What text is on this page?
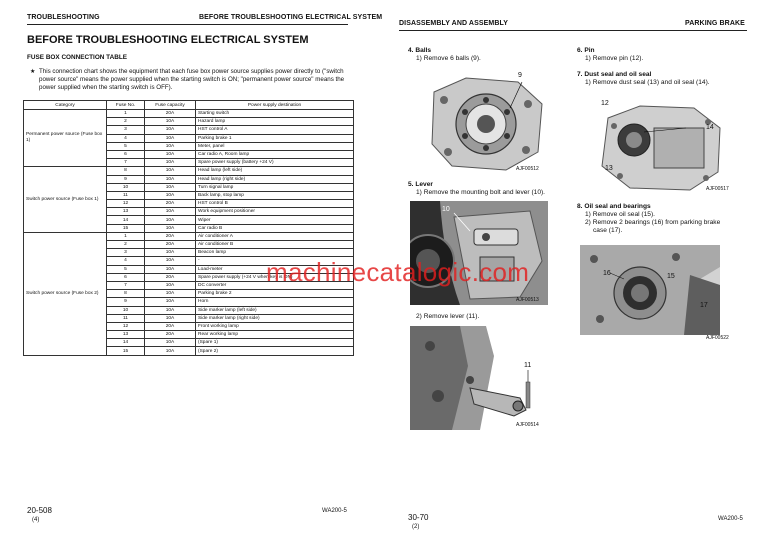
TROUBLESHOOTING	BEFORE TROUBLESHOOTING ELECTRICAL SYSTEM
BEFORE TROUBLESHOOTING ELECTRICAL SYSTEM
FUSE BOX CONNECTION TABLE
★ This connection chart shows the equipment that each fuse box power source supplies power directly to ("switch power source" means the power supplied when the starting switch is ON; "permanent power source" means the power supplied when the starting switch is OFF).
Category	Fuse No.	Fuse capacity	Power supply destination
Permanent power source (Fuse box 1)	1	20A	Starting switch
	2	10A	Hazard lamp
	3	10A	HST control A
	4	10A	Parking brake 1
	5	10A	Meter, panel
	6	10A	Car radio A, Room lamp
	7	10A	Spare power supply (battery +24 V)
Switch power source (Fuse box 1)	8	10A	Head lamp (left side)
	9	10A	Head lamp (right side)
	10	10A	Turn signal lamp
	11	10A	Back lamp, stop lamp
	12	20A	HST control B
	13	10A	Work equipment positioner
	14	10A	Wiper
	15	10A	Car radio B
Switch power source (Fuse box 2)	1	20A	Air conditioner A
	2	20A	Air conditioner B
	3	10A	Beacon lamp
	4	10A	-
	5	10A	Load-meter
	6	20A	Spare power supply (+24 V when key is ON)
	7	10A	DC converter
	8	10A	Parking brake 2
	9	10A	Horn
	10	10A	Side marker lamp (left side)
	11	10A	Side marker lamp (right side)
	12	20A	Front working lamp
	13	20A	Rear working lamp
	14	10A	(Spare 1)
	15	10A	(Spare 2)
20-508
(4)
WA200-5
DISASSEMBLY AND ASSEMBLY	PARKING BRAKE
4. Balls
1) Remove 6 balls (9).
9
AJF00512
5. Lever
1) Remove the mounting bolt and lever (10).
10
AJF00513
2) Remove lever (11).
11
AJF00514
6. Pin
1) Remove pin (12).
7. Dust seal and oil seal
1) Remove dust seal (13) and oil seal (14).
12
14
13
AJF00517
8. Oil seal and bearings
1) Remove oil seal (15).
2) Remove 2 bearings (16) from parking brake
case (17).
16	15
17
AJF00522
30-70
(2)
WA200-5
machinecatalogic.com
